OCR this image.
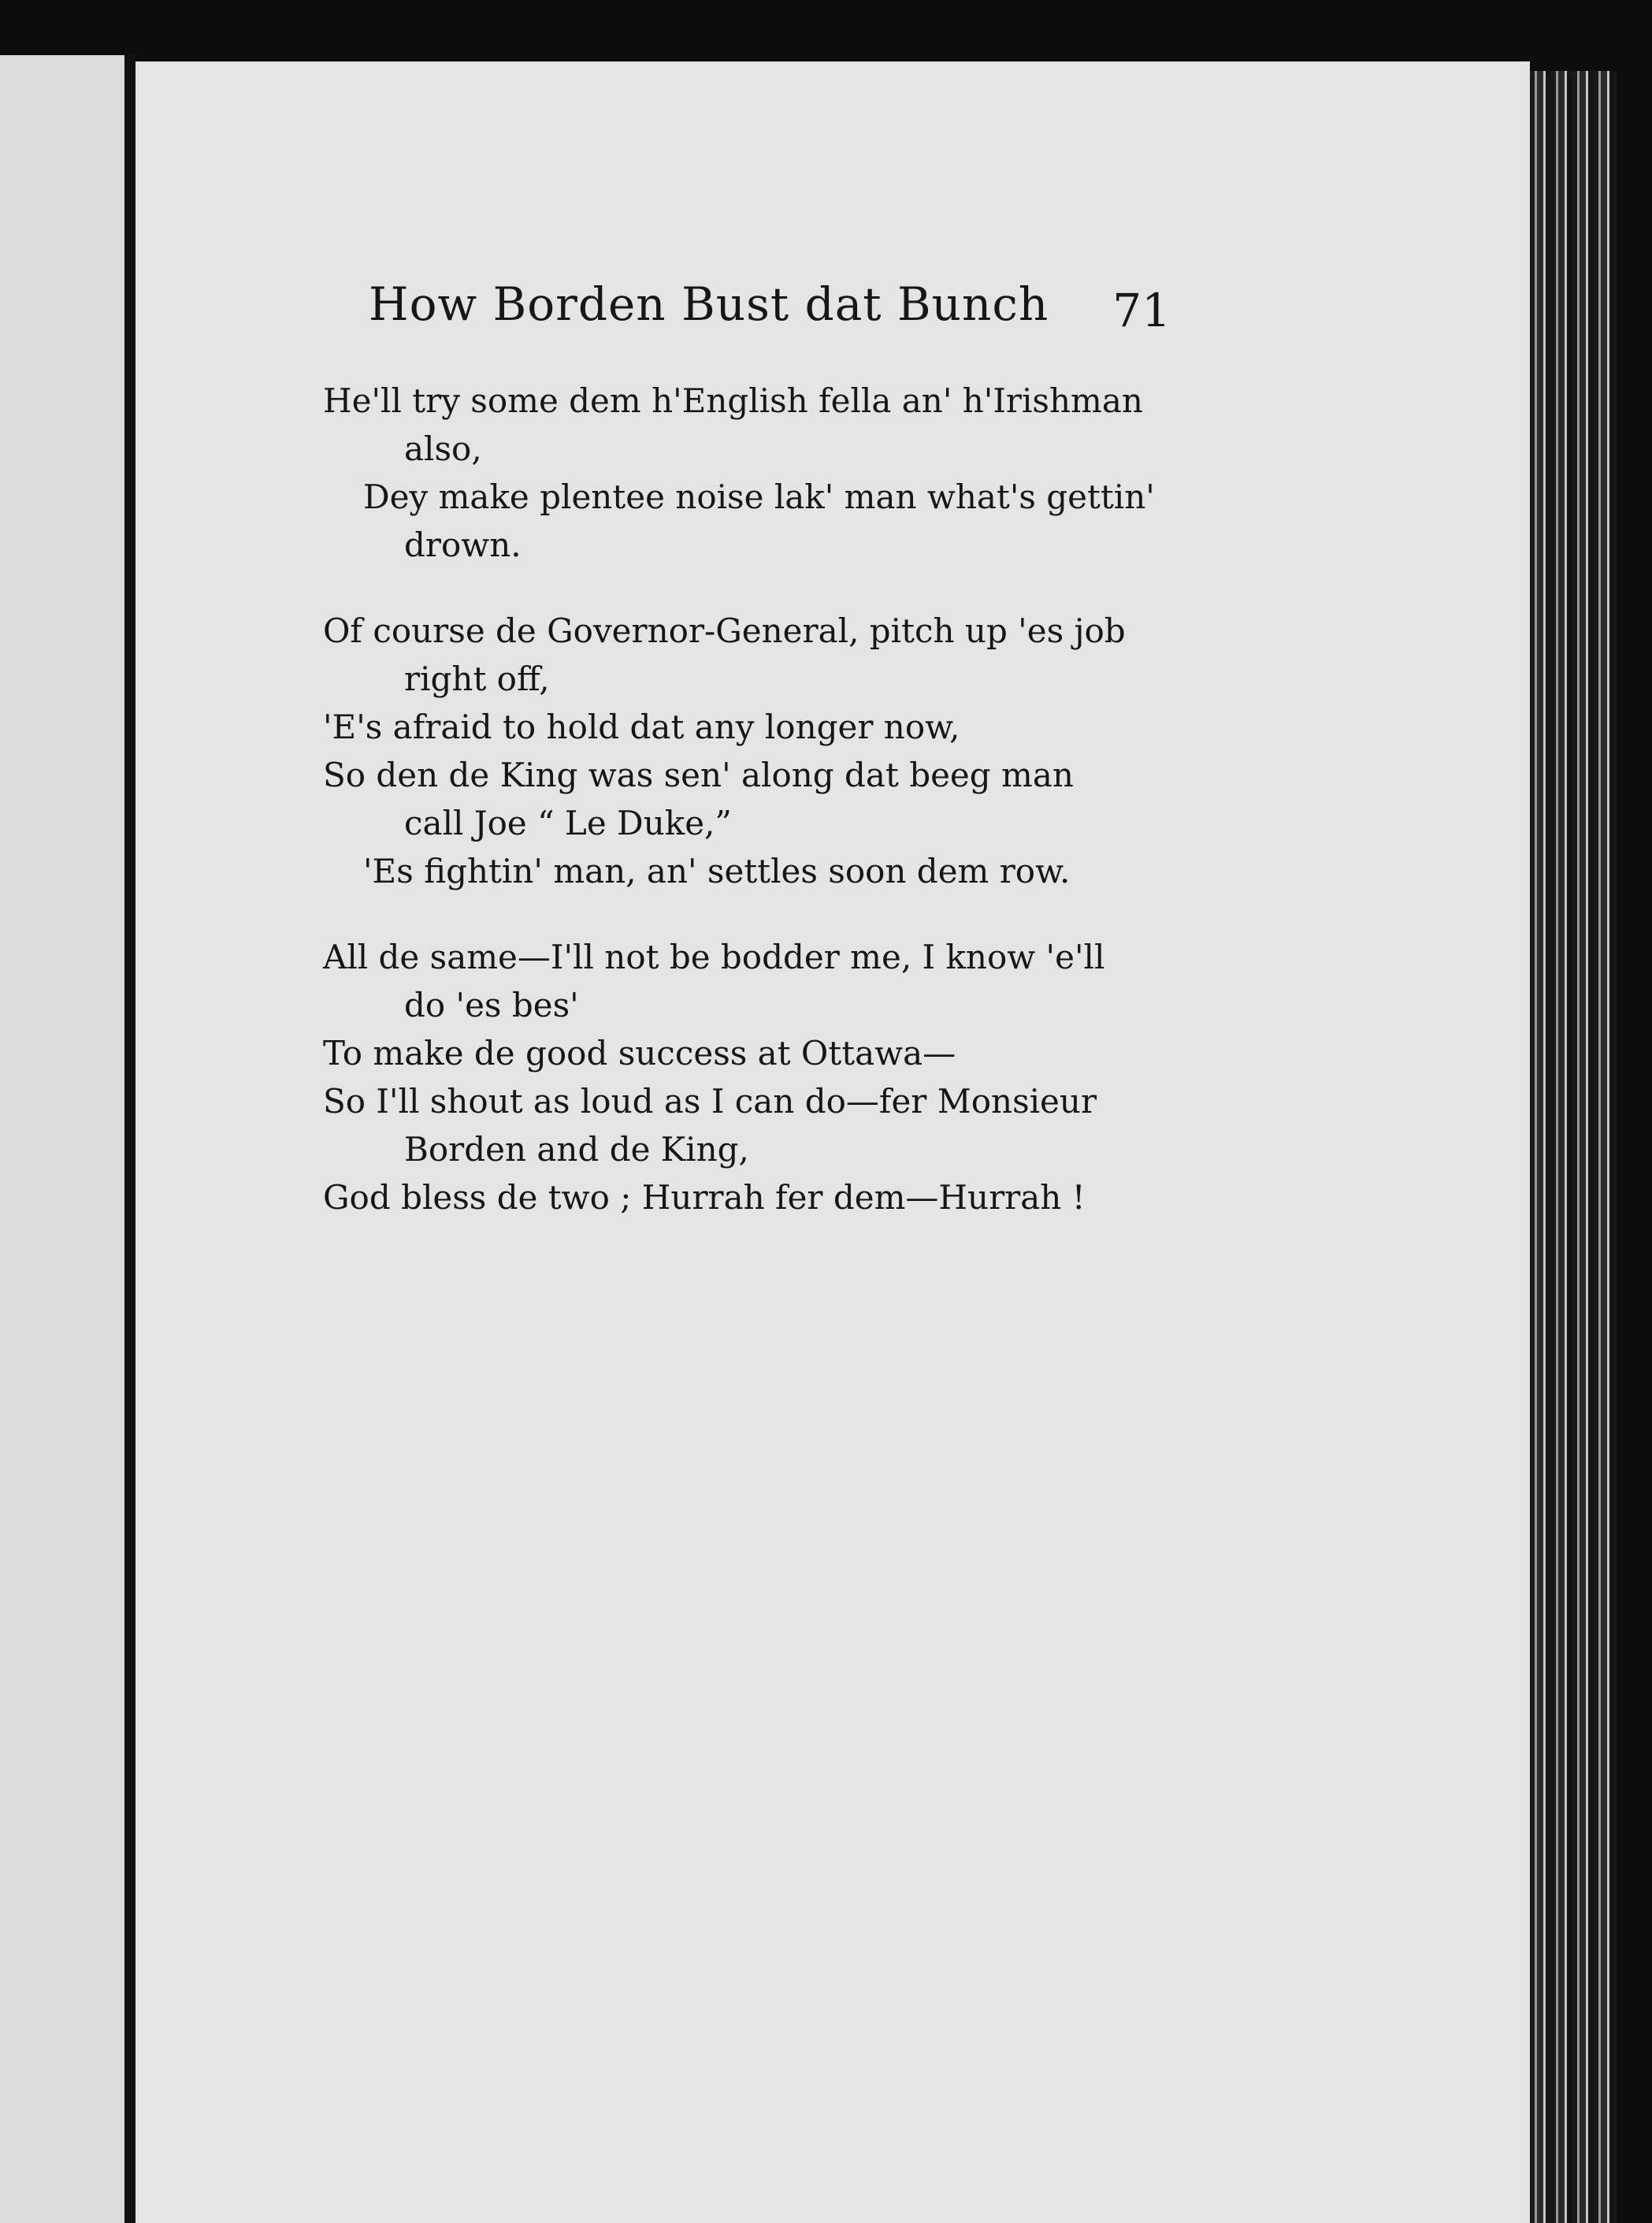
How Borden Bust dat Bunch 71
He'll try some dem h'English fella an' h'Irishman
also,
Dey make plentee noise lak' man what's gettin'
drown.
Of course de Governor-General, pitch up 'es job
right off,
'E's afraid to hold dat any longer now,
So den de King was sen' along dat beeg man
call Joe “ Le Duke,”
'Es fightin' man, an' settles soon dem row.
All de same—I'll not be bodder me, I know 'e'll
do 'es bes'
To make de good success at Ottawa—
So I'll shout as loud as I can do—fer Monsieur
Borden and de King,
God bless de two ; Hurrah fer dem—Hurrah !
